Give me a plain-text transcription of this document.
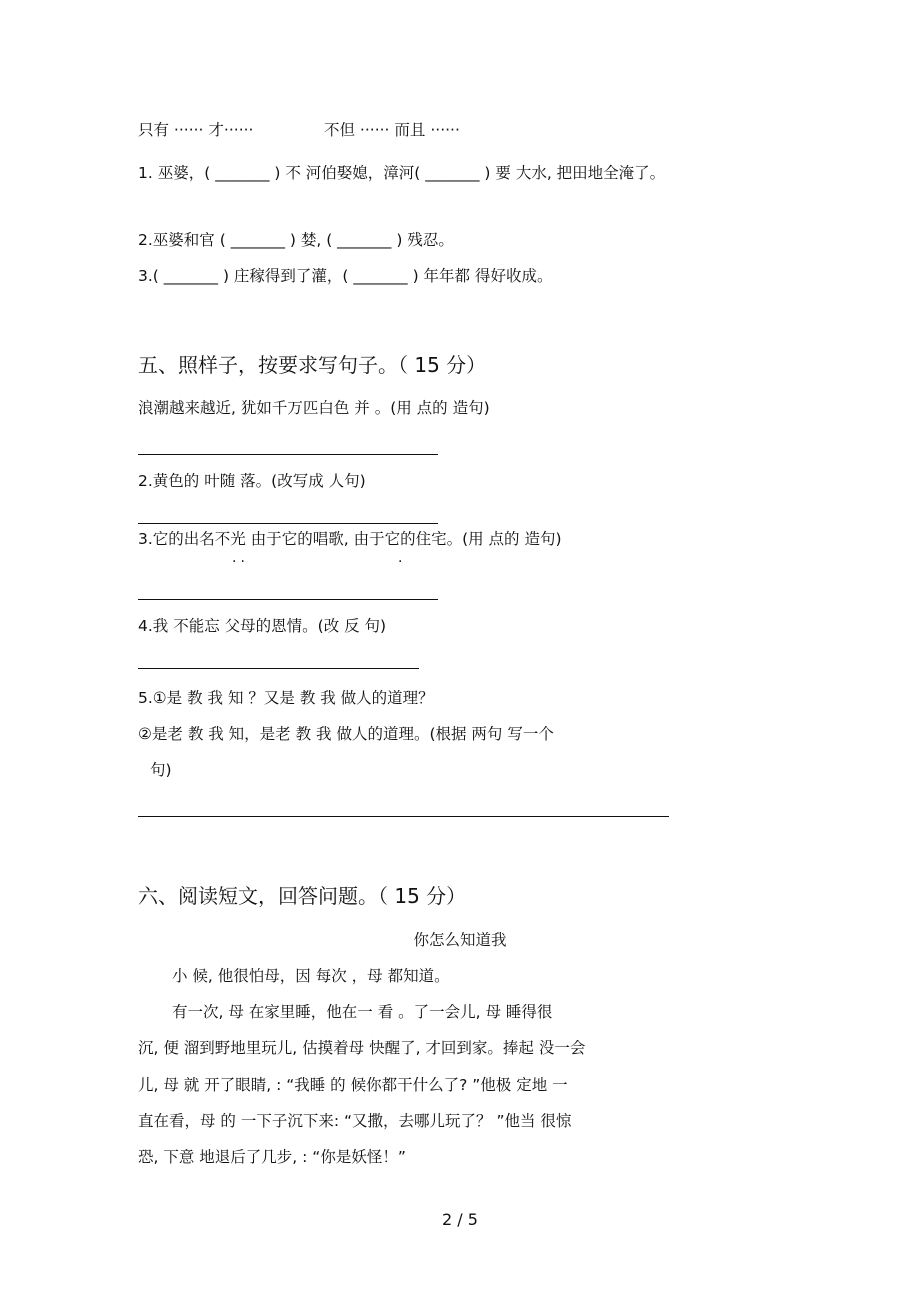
只有 ······ 才······	不但 ······ 而且 ······
1. 巫婆，( _______ ) 不 河伯娶媳，漳河( _______ ) 要 大水, 把田地全淹了。
2.巫婆和官 ( _______ ) 婪, ( _______ ) 残忍。
3.( _______ ) 庄稼得到了灌，( _______ ) 年年都 得好收成。
五、照样子，按要求写句子。（ 15 分）
浪潮越来越近, 犹如千万匹白色 并 。(用 点的 造句)
2.黄色的 叶随 落。(改写成 人句)
3.它的出名不光 由于它的唱歌, 由于它的住宅。(用 点的 造句)
··	·
4.我 不能忘 父母的恩情。(改 反 句)
5.①是 教 我 知 ？又是 教 我 做人的道理？
②是老 教 我 知，是老 教 我 做人的道理。(根据 两句 写一个
句)
六、阅读短文，回答问题。（ 15 分）
你怎么知道我
小 候, 他很怕母，因 每次 ，母 都知道。
有一次, 母 在家里睡，他在一 看 。了一会儿, 母 睡得很
沉, 便 溜到野地里玩儿, 估摸着母 快醒了, 才回到家。捧起 没一会
儿, 母 就 开了眼睛, : “我睡 的 候你都干什么了? ”他极 定地 一
直在看，母 的 一下子沉下来: “又撒，去哪儿玩了？ ”他当 很惊
恐, 下意 地退后了几步, : “你是妖怪！”
2 / 5
